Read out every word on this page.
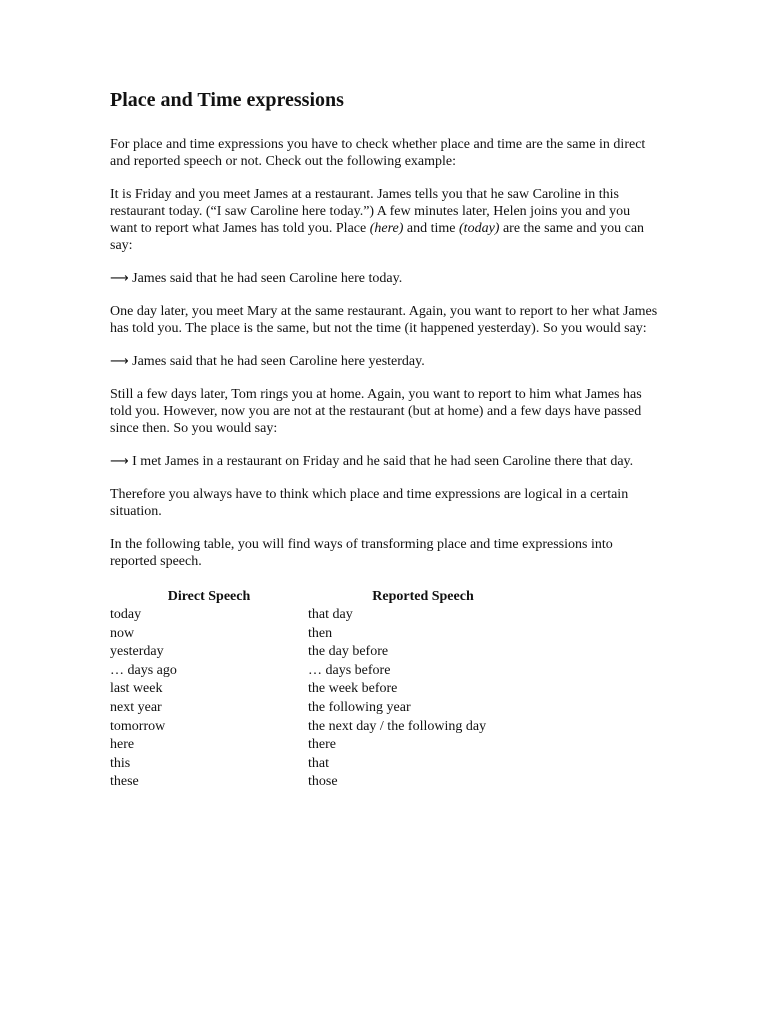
Place and Time expressions

For place and time expressions you have to check whether place and time are the same in direct and reported speech or not. Check out the following example:

It is Friday and you meet James at a restaurant. James tells you that he saw Caroline in this restaurant today. (“I saw Caroline here today.”) A few minutes later, Helen joins you and you want to report what James has told you. Place (here) and time (today) are the same and you can say:

⟶ James said that he had seen Caroline here today.

One day later, you meet Mary at the same restaurant. Again, you want to report to her what James has told you. The place is the same, but not the time (it happened yesterday). So you would say:

⟶ James said that he had seen Caroline here yesterday.

Still a few days later, Tom rings you at home. Again, you want to report to him what James has told you. However, now you are not at the restaurant (but at home) and a few days have passed since then. So you would say:

⟶ I met James in a restaurant on Friday and he said that he had seen Caroline there that day.

Therefore you always have to think which place and time expressions are logical in a certain situation.

In the following table, you will find ways of transforming place and time expressions into reported speech.

Direct Speech	Reported Speech
today	that day
now	then
yesterday	the day before
… days ago	… days before
last week	the week before
next year	the following year
tomorrow	the next day / the following day
here	there
this	that
these	those
